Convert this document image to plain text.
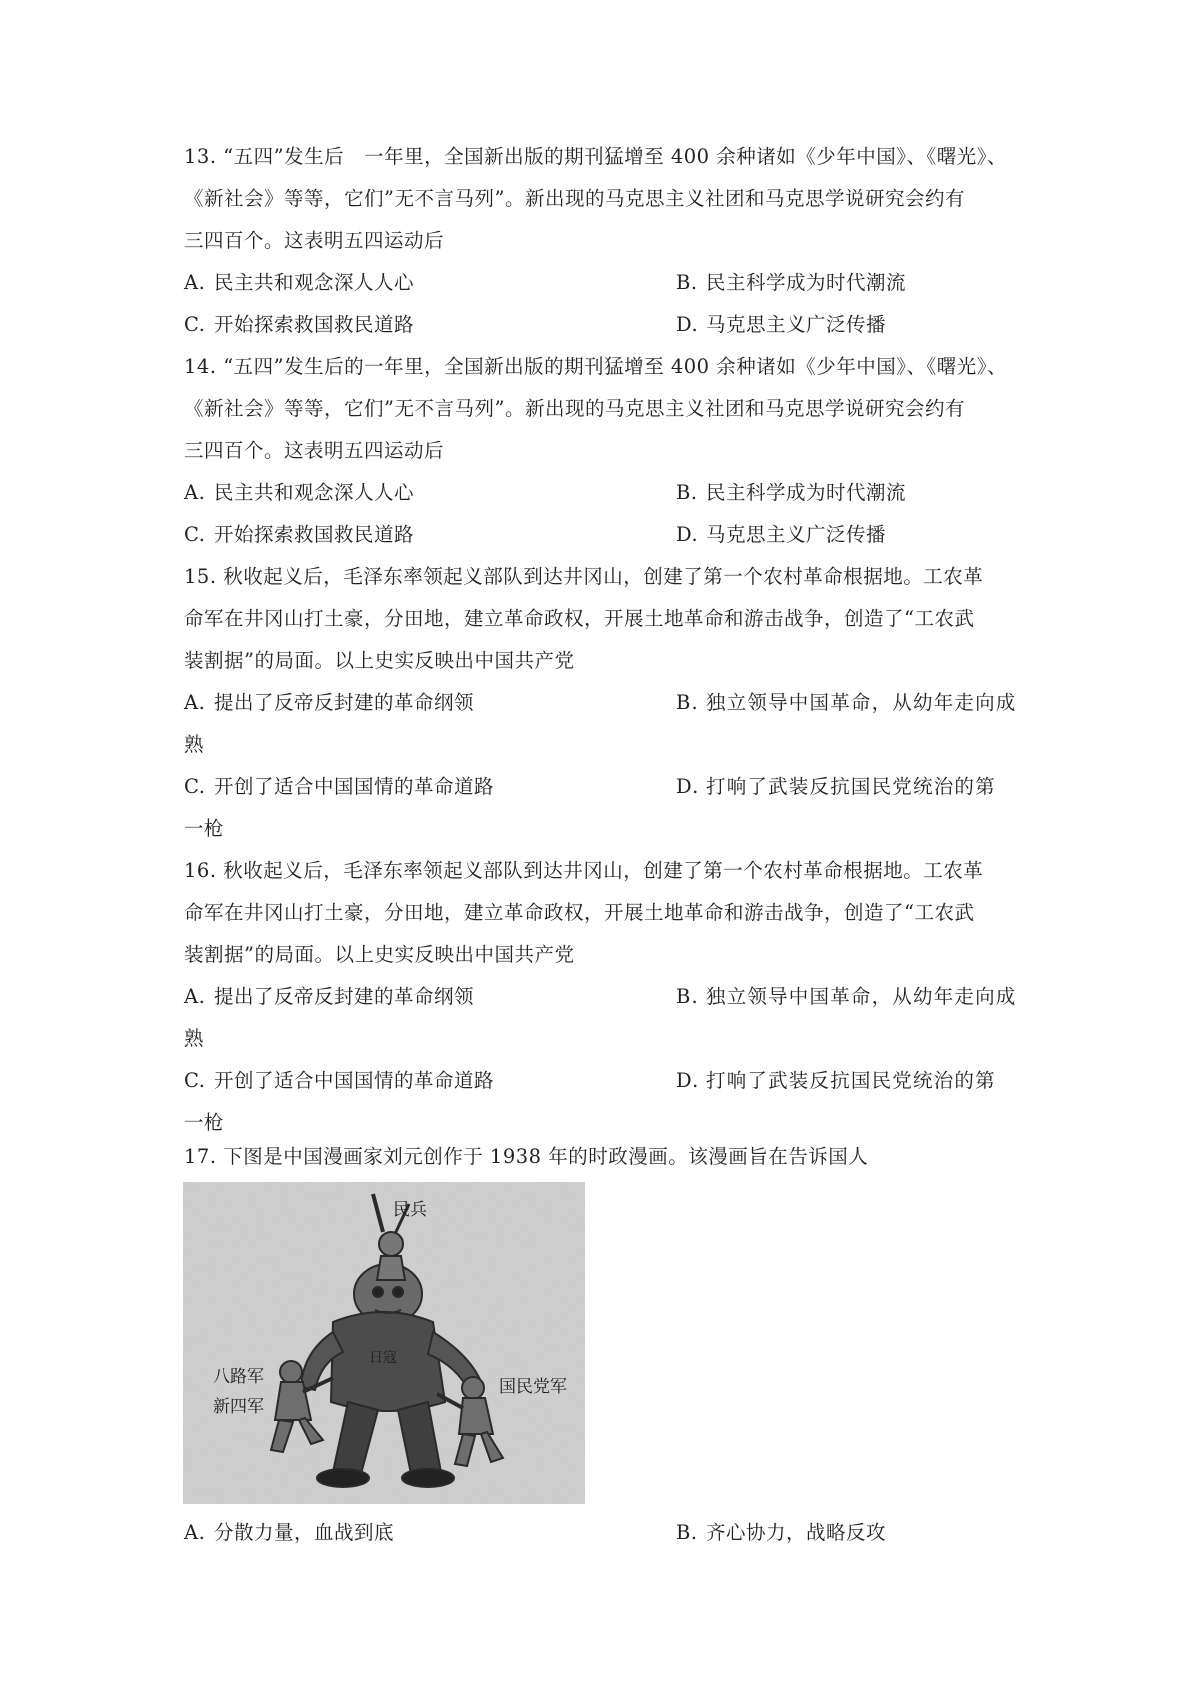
13. “五四”发生后　一年里，全国新出版的期刊猛增至 400 余种诸如《少年中国》、《曙光》、
《新社会》等等，它们”无不言马列”。新出现的马克思主义社团和马克思学说研究会约有
三四百个。这表明五四运动后
A. 民主共和观念深人人心	B. 民主科学成为时代潮流
C. 开始探索救国救民道路	D. 马克思主义广泛传播
14. “五四”发生后的一年里，全国新出版的期刊猛增至 400 余种诸如《少年中国》、《曙光》、
《新社会》等等，它们”无不言马列”。新出现的马克思主义社团和马克思学说研究会约有
三四百个。这表明五四运动后
A. 民主共和观念深人人心	B. 民主科学成为时代潮流
C. 开始探索救国救民道路	D. 马克思主义广泛传播
15. 秋收起义后，毛泽东率领起义部队到达井冈山，创建了第一个农村革命根据地。工农革
命军在井冈山打土豪，分田地，建立革命政权，开展土地革命和游击战争，创造了“工农武
装割据”的局面。以上史实反映出中国共产党
A. 提出了反帝反封建的革命纲领	B. 独立领导中国革命，从幼年走向成
熟
C. 开创了适合中国国情的革命道路	D. 打响了武装反抗国民党统治的第
一枪
16. 秋收起义后，毛泽东率领起义部队到达井冈山，创建了第一个农村革命根据地。工农革
命军在井冈山打土豪，分田地，建立革命政权，开展土地革命和游击战争，创造了“工农武
装割据”的局面。以上史实反映出中国共产党
A. 提出了反帝反封建的革命纲领	B. 独立领导中国革命，从幼年走向成
熟
C. 开创了适合中国国情的革命道路	D. 打响了武装反抗国民党统治的第
一枪
17. 下图是中国漫画家刘元创作于 1938 年的时政漫画。该漫画旨在告诉国人
民兵
日寇
八路军
新四军
国民党军
A. 分散力量，血战到底	B. 齐心协力，战略反攻
